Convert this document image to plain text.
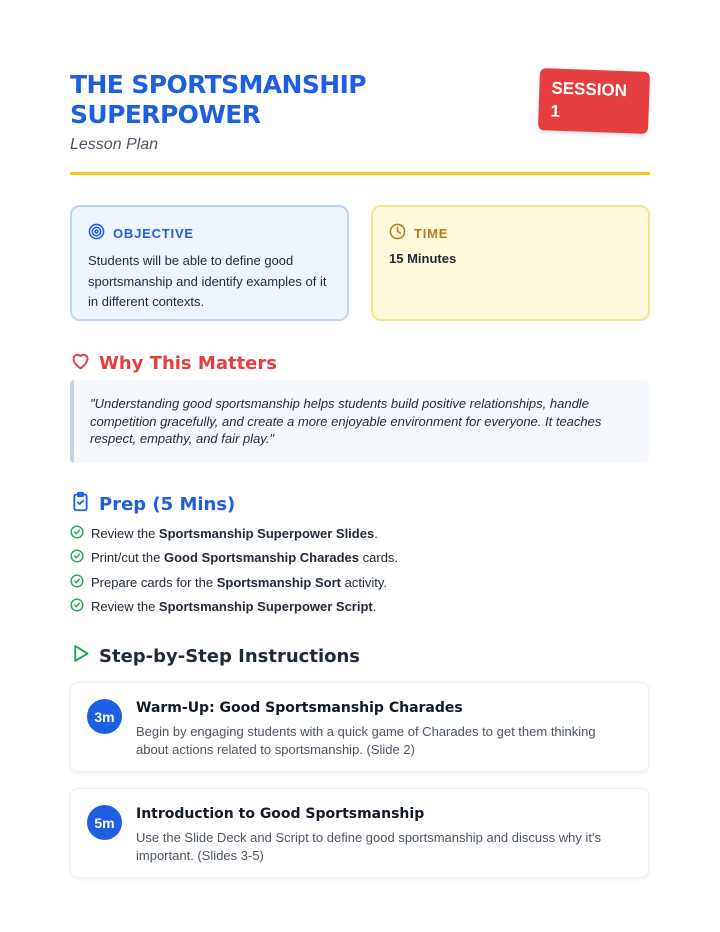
THE SPORTSMANSHIP
SUPERPOWER
Lesson Plan
SESSION
1
OBJECTIVE
Students will be able to define good sportsmanship and identify examples of it in different contexts.
TIME
15 Minutes
Why This Matters
"Understanding good sportsmanship helps students build positive relationships, handle competition gracefully, and create a more enjoyable environment for everyone. It teaches respect, empathy, and fair play."
Prep (5 Mins)
Review the Sportsmanship Superpower Slides.
Print/cut the Good Sportsmanship Charades cards.
Prepare cards for the Sportsmanship Sort activity.
Review the Sportsmanship Superpower Script.
Step-by-Step Instructions
3m
Warm-Up: Good Sportsmanship Charades
Begin by engaging students with a quick game of Charades to get them thinking about actions related to sportsmanship. (Slide 2)
5m
Introduction to Good Sportsmanship
Use the Slide Deck and Script to define good sportsmanship and discuss why it's important. (Slides 3-5)
